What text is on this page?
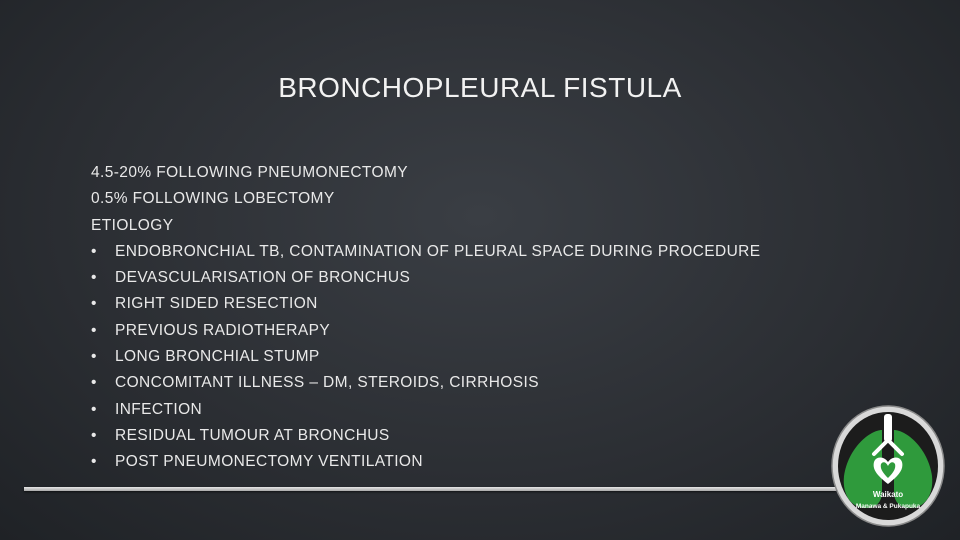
BRONCHOPLEURAL FISTULA
4.5-20% FOLLOWING PNEUMONECTOMY
0.5% FOLLOWING LOBECTOMY
ETIOLOGY
•	ENDOBRONCHIAL TB, CONTAMINATION OF PLEURAL SPACE DURING PROCEDURE
•	DEVASCULARISATION OF BRONCHUS
•	RIGHT SIDED RESECTION
•	PREVIOUS RADIOTHERAPY
•	LONG BRONCHIAL STUMP
•	CONCOMITANT ILLNESS – DM, STEROIDS, CIRRHOSIS
•	INFECTION
•	RESIDUAL TUMOUR AT BRONCHUS
•	POST PNEUMONECTOMY VENTILATION
Waikato
Manawa & Pukapuka
